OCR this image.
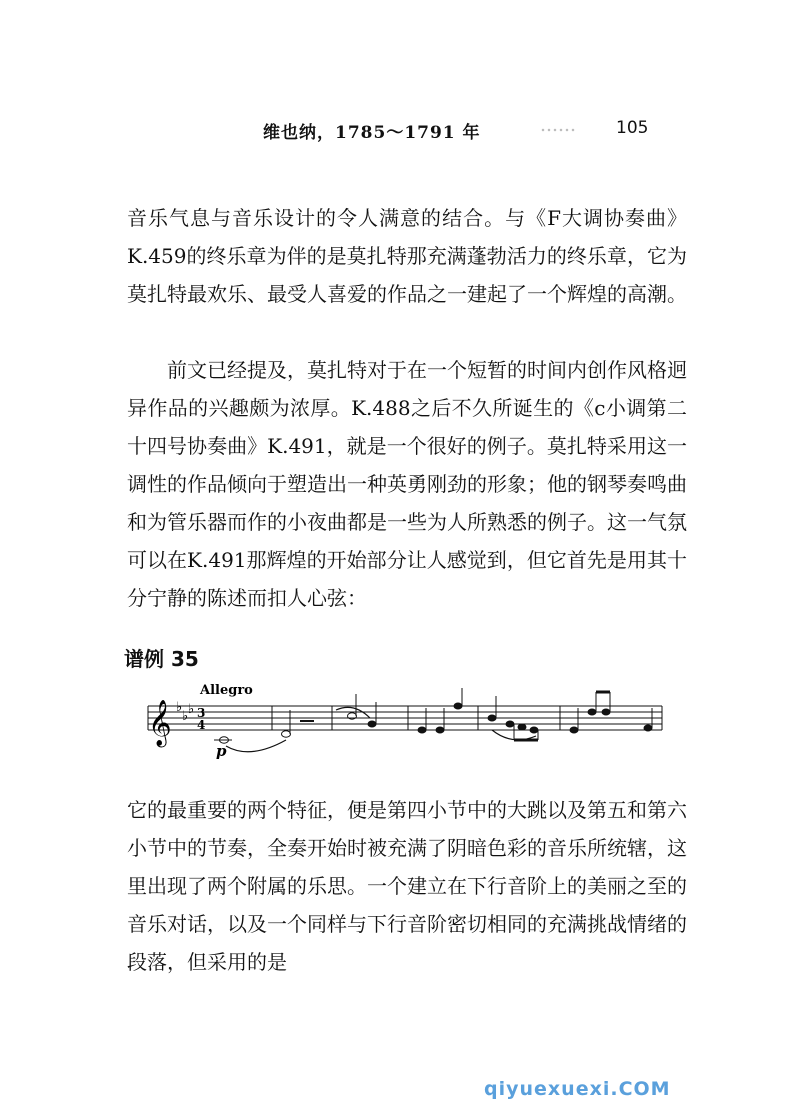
维也纳，1785～1791 年	105
音乐气息与音乐设计的令人满意的结合。与《F大调协奏曲》K.459的终乐章为伴的是莫扎特那充满蓬勃活力的终乐章，它为莫扎特最欢乐、最受人喜爱的作品之一建起了一个辉煌的高潮。
前文已经提及，莫扎特对于在一个短暂的时间内创作风格迥异作品的兴趣颇为浓厚。K.488之后不久所诞生的《c小调第二十四号协奏曲》K.491，就是一个很好的例子。莫扎特采用这一调性的作品倾向于塑造出一种英勇刚劲的形象；他的钢琴奏鸣曲和为管乐器而作的小夜曲都是一些为人所熟悉的例子。这一气氛可以在K.491那辉煌的开始部分让人感觉到，但它首先是用其十分宁静的陈述而扣人心弦：
谱例 35
Allegro
𝄞 ♭
♭ ♭ 3
4
p
它的最重要的两个特征，便是第四小节中的大跳以及第五和第六小节中的节奏，全奏开始时被充满了阴暗色彩的音乐所统辖，这里出现了两个附属的乐思。一个建立在下行音阶上的美丽之至的音乐对话，以及一个同样与下行音阶密切相同的充满挑战情绪的段落，但采用的是
qiyuexuexi.COM
